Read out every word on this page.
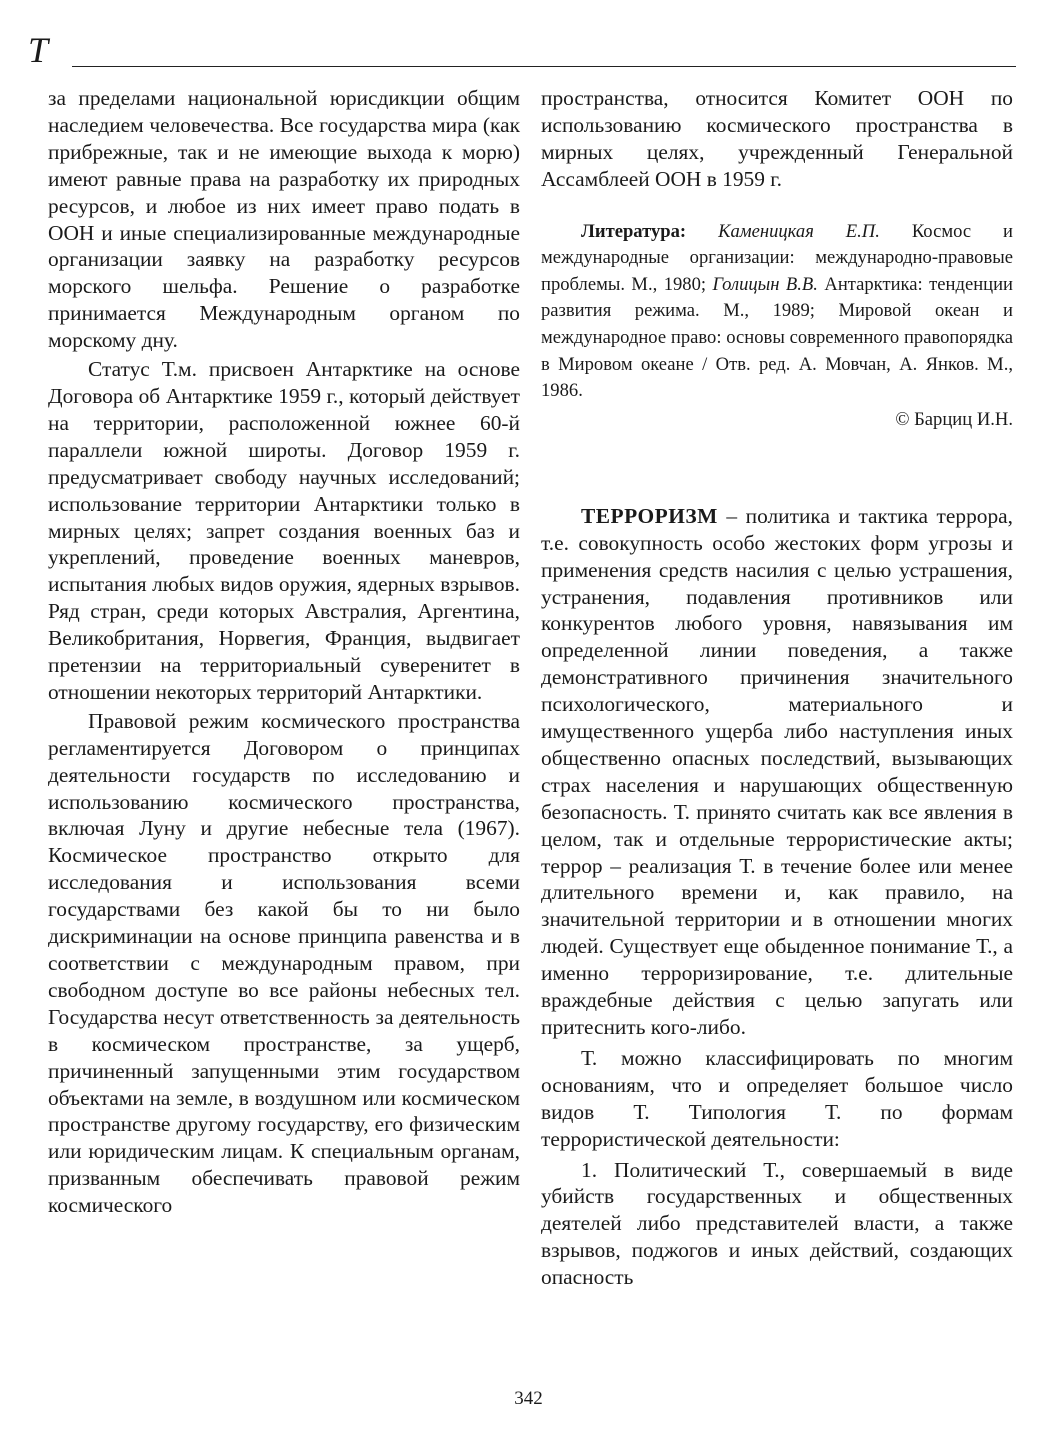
Т

за пределами национальной юрисдикции общим наследием человечества. Все государства мира (как прибрежные, так и не имеющие выхода к морю) имеют равные права на разработку их природных ресурсов, и любое из них имеет право подать в ООН и иные специализированные международные организации заявку на разработку ресурсов морского шельфа. Решение о разработке принимается Международным органом по морскому дну.

Статус Т.м. присвоен Антарктике на основе Договора об Антарктике 1959 г., который действует на территории, расположенной южнее 60-й параллели южной широты. Договор 1959 г. предусматривает свободу научных исследований; использование территории Антарктики только в мирных целях; запрет создания военных баз и укреплений, проведение военных маневров, испытания любых видов оружия, ядерных взрывов. Ряд стран, среди которых Австралия, Аргентина, Великобритания, Норвегия, Франция, выдвигает претензии на территориальный суверенитет в отношении некоторых территорий Антарктики.

Правовой режим космического пространства регламентируется Договором о принципах деятельности государств по исследованию и использованию космического пространства, включая Луну и другие небесные тела (1967). Космическое пространство открыто для исследования и использования всеми государствами без какой бы то ни было дискриминации на основе принципа равенства и в соответствии с международным правом, при свободном доступе во все районы небесных тел. Государства несут ответственность за деятельность в космическом пространстве, за ущерб, причиненный запущенными этим государством объектами на земле, в воздушном или космическом пространстве другому государству, его физическим или юридическим лицам. К специальным органам, призванным обеспечивать правовой режим космического

пространства, относится Комитет ООН по использованию космического пространства в мирных целях, учрежденный Генеральной Ассамблеей ООН в 1959 г.

Литература: Каменицкая Е.П. Космос и международные организации: международно-правовые проблемы. М., 1980; Голицын В.В. Антарктика: тенденции развития режима. М., 1989; Мировой океан и международное право: основы современного правопорядка в Мировом океане / Отв. ред. А. Мовчан, А. Янков. М., 1986.

© Барциц И.Н.

ТЕРРОРИЗМ – политика и тактика террора, т.е. совокупность особо жестоких форм угрозы и применения средств насилия с целью устрашения, устранения, подавления противников или конкурентов любого уровня, навязывания им определенной линии поведения, а также демонстративного причинения значительного психологического, материального и имущественного ущерба либо наступления иных общественно опасных последствий, вызывающих страх населения и нарушающих общественную безопасность. Т. принято считать как все явления в целом, так и отдельные террористические акты; террор – реализация Т. в течение более или менее длительного времени и, как правило, на значительной территории и в отношении многих людей. Существует еще обыденное понимание Т., а именно терроризирование, т.е. длительные враждебные действия с целью запугать или притеснить кого-либо.

Т. можно классифицировать по многим основаниям, что и определяет большое число видов Т. Типология Т. по формам террористической деятельности:

1. Политический Т., совершаемый в виде убийств государственных и общественных деятелей либо представителей власти, а также взрывов, поджогов и иных действий, создающих опасность

342
